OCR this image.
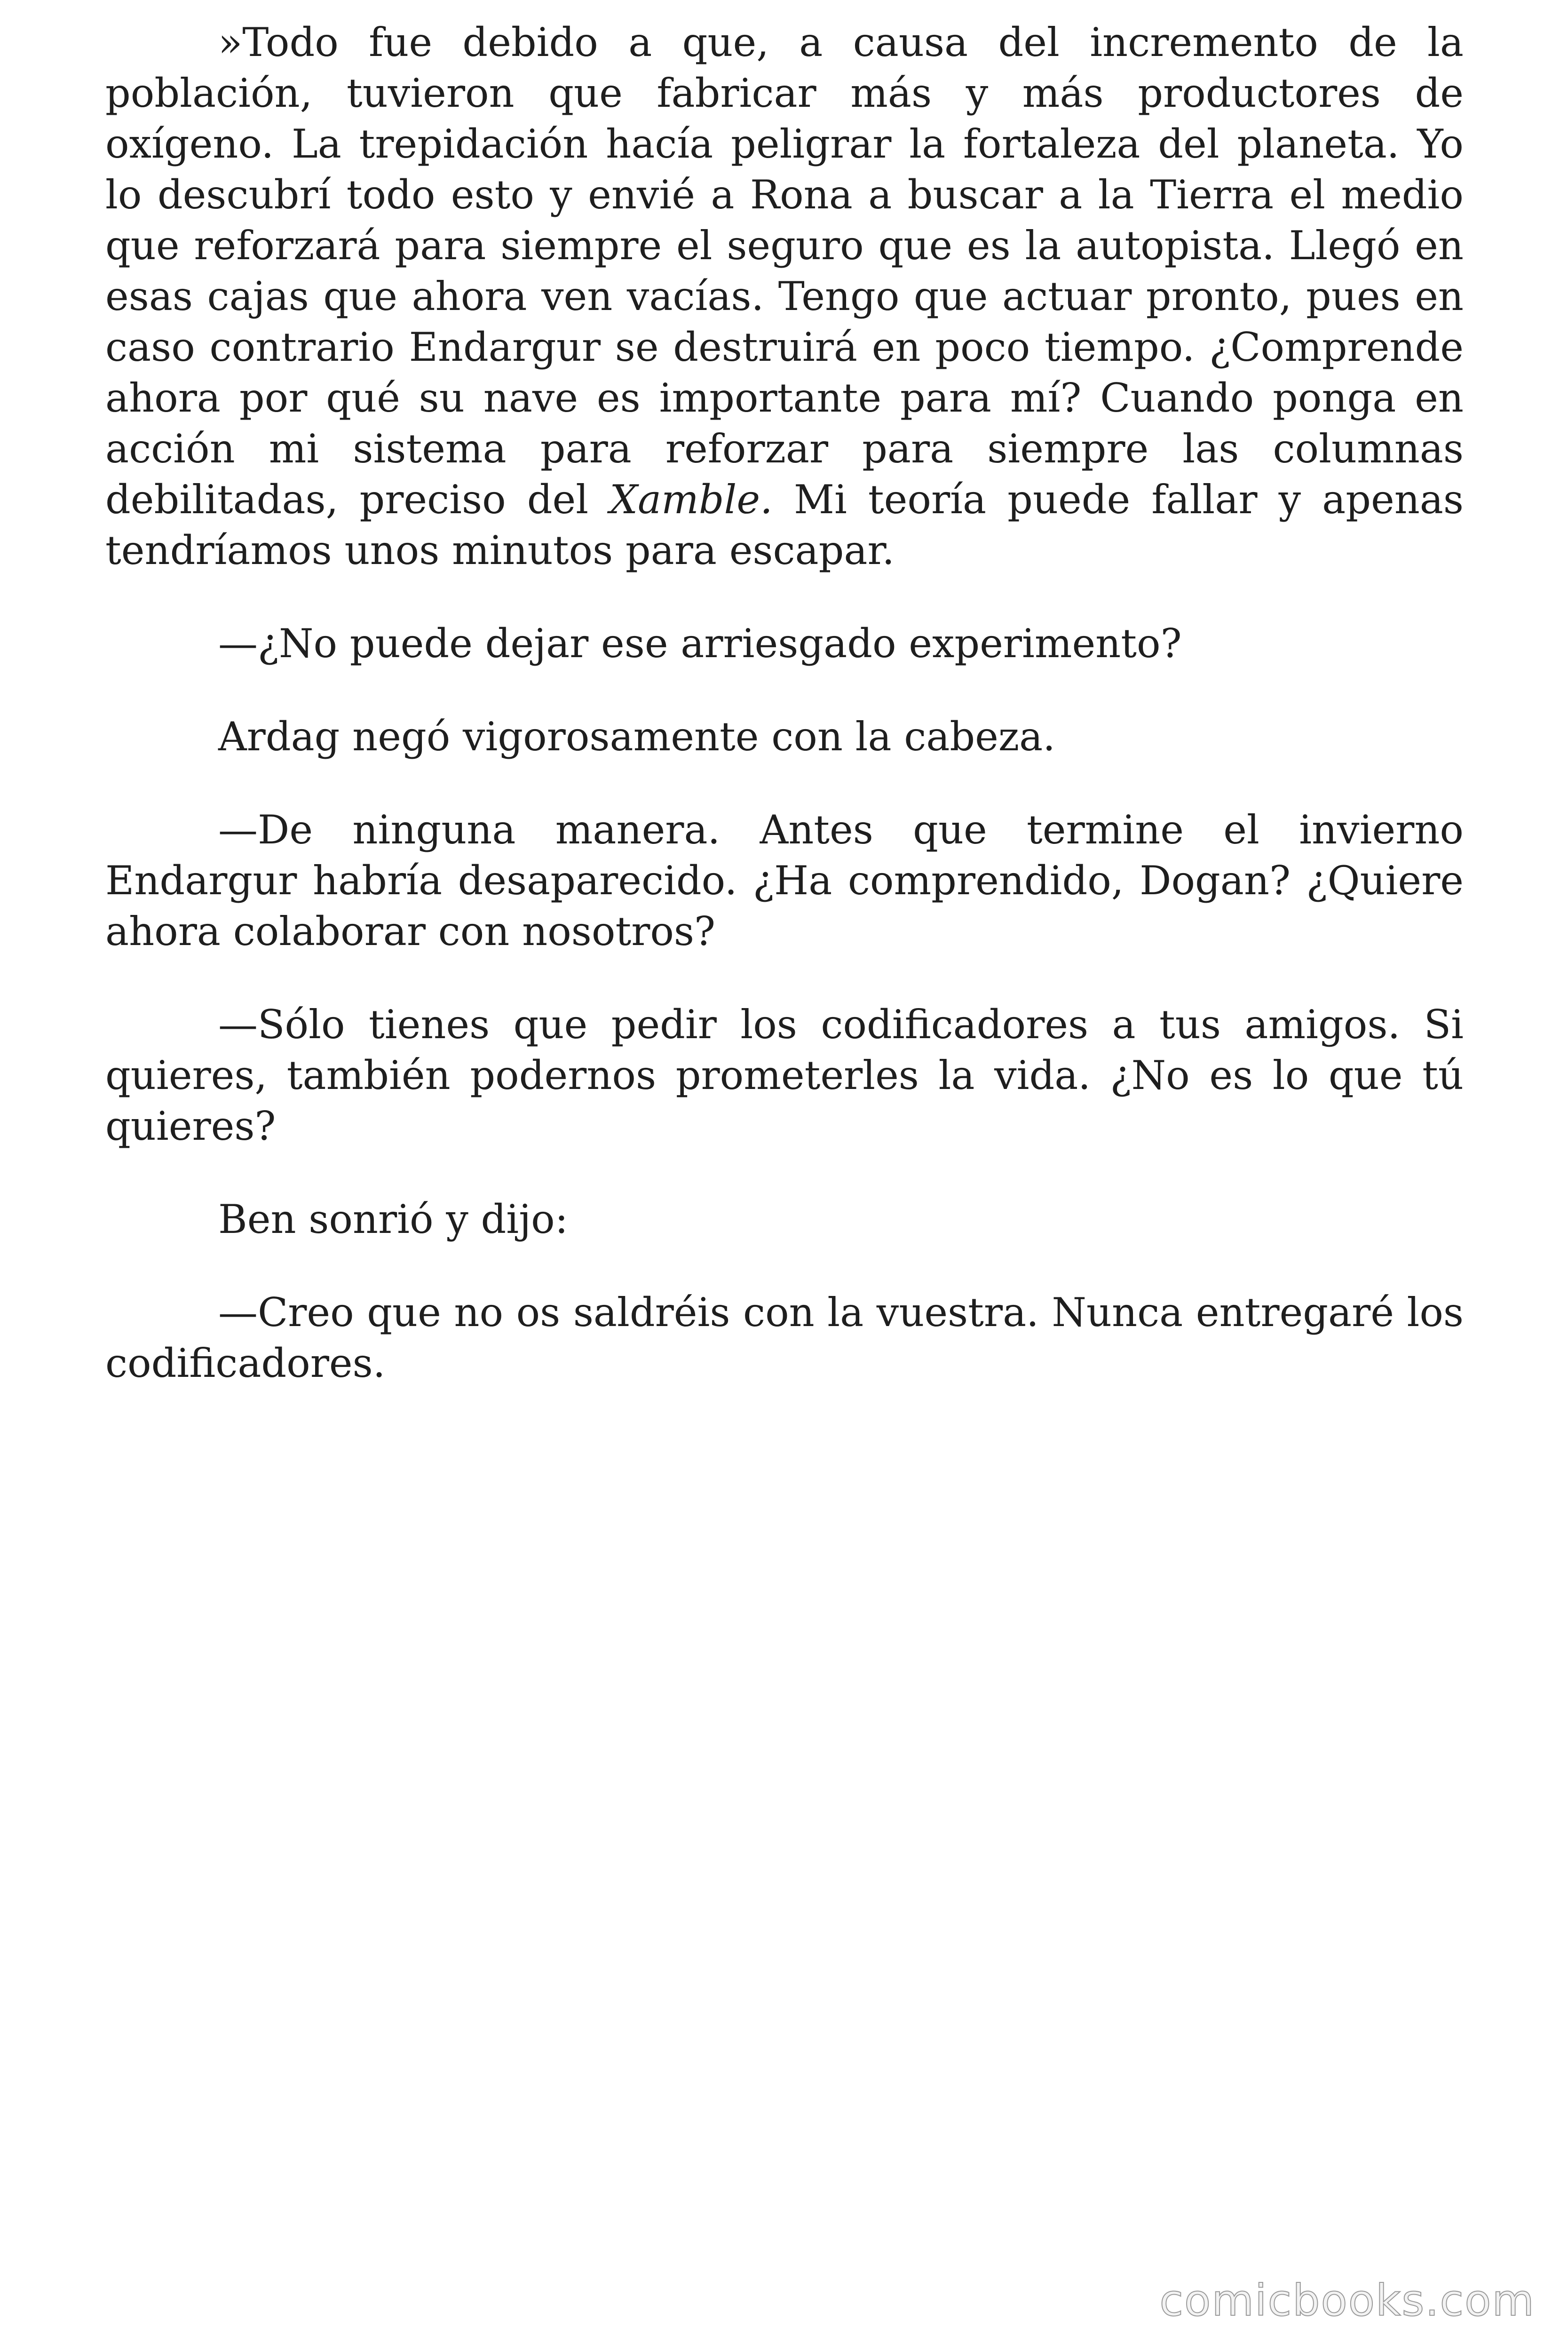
»Todo fue debido a que, a causa del incremento de la población, tuvieron que fabricar más y más productores de oxígeno. La trepidación hacía peligrar la fortaleza del planeta. Yo lo descubrí todo esto y envié a Rona a buscar a la Tierra el medio que reforzará para siempre el seguro que es la autopista. Llegó en esas cajas que ahora ven vacías. Tengo que actuar pronto, pues en caso contrario Endargur se destruirá en poco tiempo. ¿Comprende ahora por qué su nave es importante para mí? Cuando ponga en acción mi sistema para reforzar para siempre las columnas debilitadas, preciso del Xamble. Mi teoría puede fallar y apenas tendríamos unos minutos para escapar.

—¿No puede dejar ese arriesgado experimento?

Ardag negó vigorosamente con la cabeza.

—De ninguna manera. Antes que termine el invierno Endargur habría desaparecido. ¿Ha comprendido, Dogan? ¿Quiere ahora colaborar con nosotros?

—Sólo tienes que pedir los codificadores a tus amigos. Si quieres, también podernos prometerles la vida. ¿No es lo que tú quieres?

Ben sonrió y dijo:

—Creo que no os saldréis con la vuestra. Nunca entregaré los codificadores.

comicbooks.com
